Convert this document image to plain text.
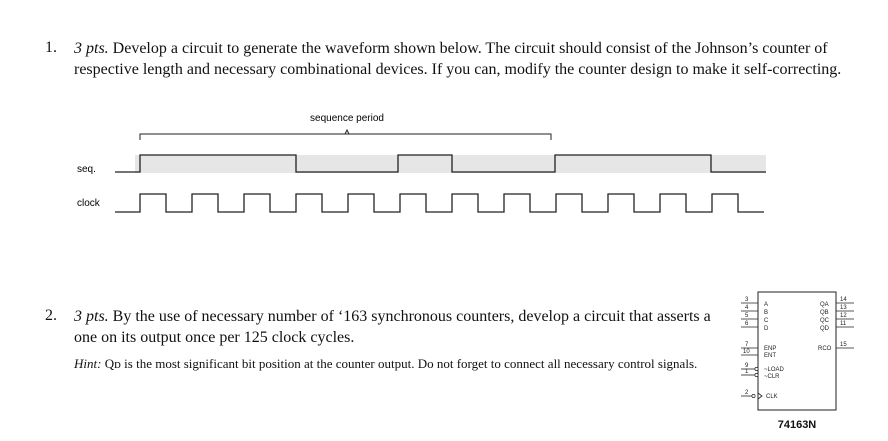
1. 3 pts. Develop a circuit to generate the waveform shown below. The circuit should consist of the Johnson’s counter of respective length and necessary combinational devices. If you can, modify the counter design to make it self-correcting.
sequence period
seq.
clock
2. 3 pts. By the use of necessary number of ‘163 synchronous counters, develop a circuit that asserts a one on its output once per 125 clock cycles.
Hint: Qᴅ is the most significant bit position at the counter output. Do not forget to connect all necessary control signals.
3
4
5
6
A
B
C
D
QA
QB
QC
QD
14
13
12
11
7
10 ENP
ENT
RCO
15
9
1	~LOAD
~CLR
2
CLK
74163N
